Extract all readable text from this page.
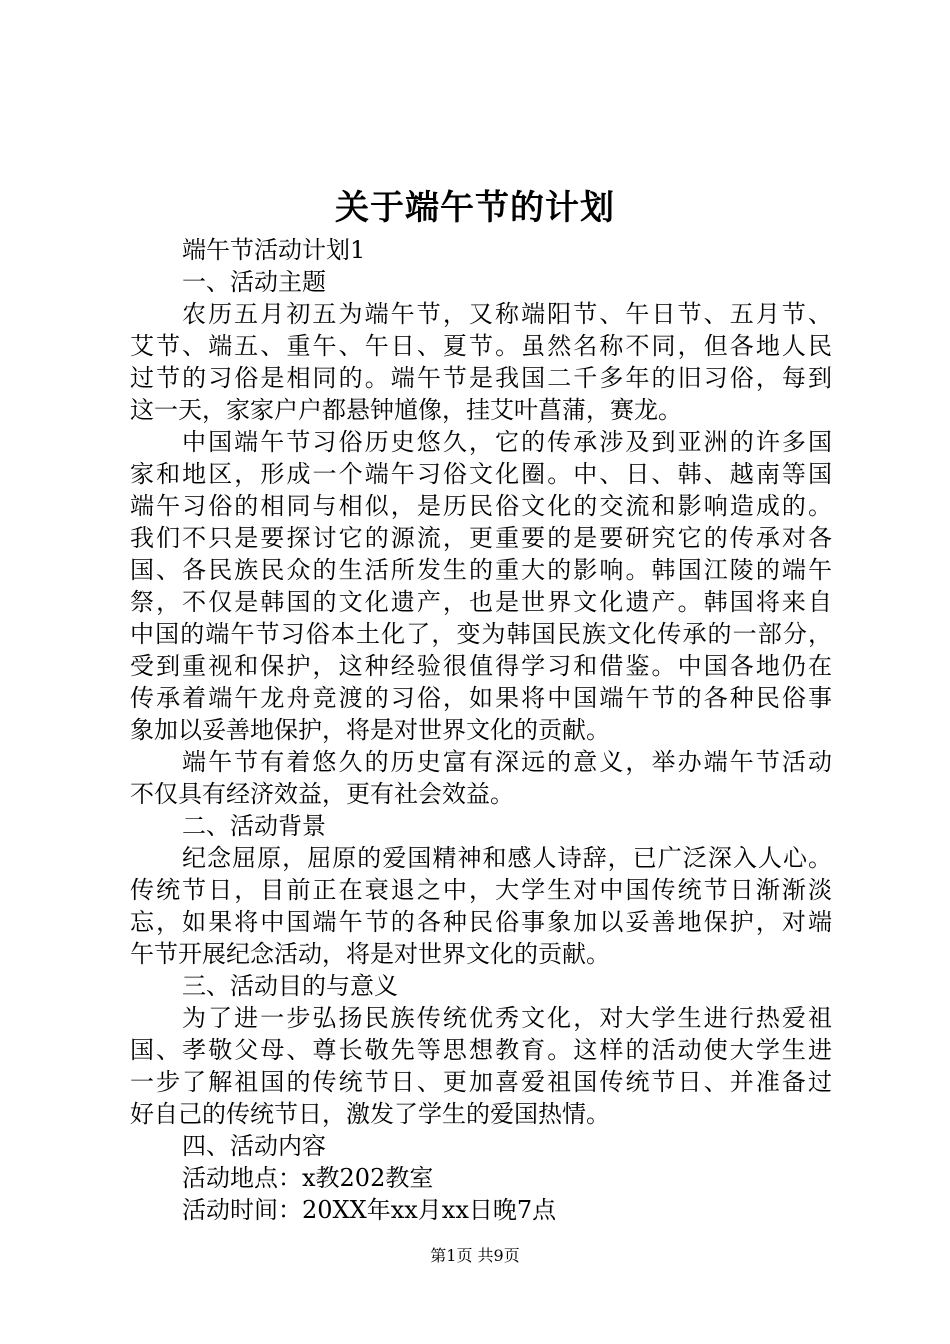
关于端午节的计划
端午节活动计划1
一、活动主题
农历五月初五为端午节，又称端阳节、午日节、五月节、
艾节、端五、重午、午日、夏节。虽然名称不同，但各地人民
过节的习俗是相同的。端午节是我国二千多年的旧习俗，每到
这一天，家家户户都悬钟馗像，挂艾叶菖蒲，赛龙。
中国端午节习俗历史悠久，它的传承涉及到亚洲的许多国
家和地区，形成一个端午习俗文化圈。中、日、韩、越南等国
端午习俗的相同与相似，是历民俗文化的交流和影响造成的。
我们不只是要探讨它的源流，更重要的是要研究它的传承对各
国、各民族民众的生活所发生的重大的影响。韩国江陵的端午
祭，不仅是韩国的文化遗产，也是世界文化遗产。韩国将来自
中国的端午节习俗本土化了，变为韩国民族文化传承的一部分，
受到重视和保护，这种经验很值得学习和借鉴。中国各地仍在
传承着端午龙舟竞渡的习俗，如果将中国端午节的各种民俗事
象加以妥善地保护，将是对世界文化的贡献。
端午节有着悠久的历史富有深远的意义，举办端午节活动
不仅具有经济效益，更有社会效益。
二、活动背景
纪念屈原，屈原的爱国精神和感人诗辞，已广泛深入人心。
传统节日，目前正在衰退之中，大学生对中国传统节日渐渐淡
忘，如果将中国端午节的各种民俗事象加以妥善地保护，对端
午节开展纪念活动，将是对世界文化的贡献。
三、活动目的与意义
为了进一步弘扬民族传统优秀文化，对大学生进行热爱祖
国、孝敬父母、尊长敬先等思想教育。这样的活动使大学生进
一步了解祖国的传统节日、更加喜爱祖国传统节日、并准备过
好自己的传统节日，激发了学生的爱国热情。
四、活动内容
活动地点：x教202教室
活动时间：20XX年xx月xx日晚7点
第1页 共9页
